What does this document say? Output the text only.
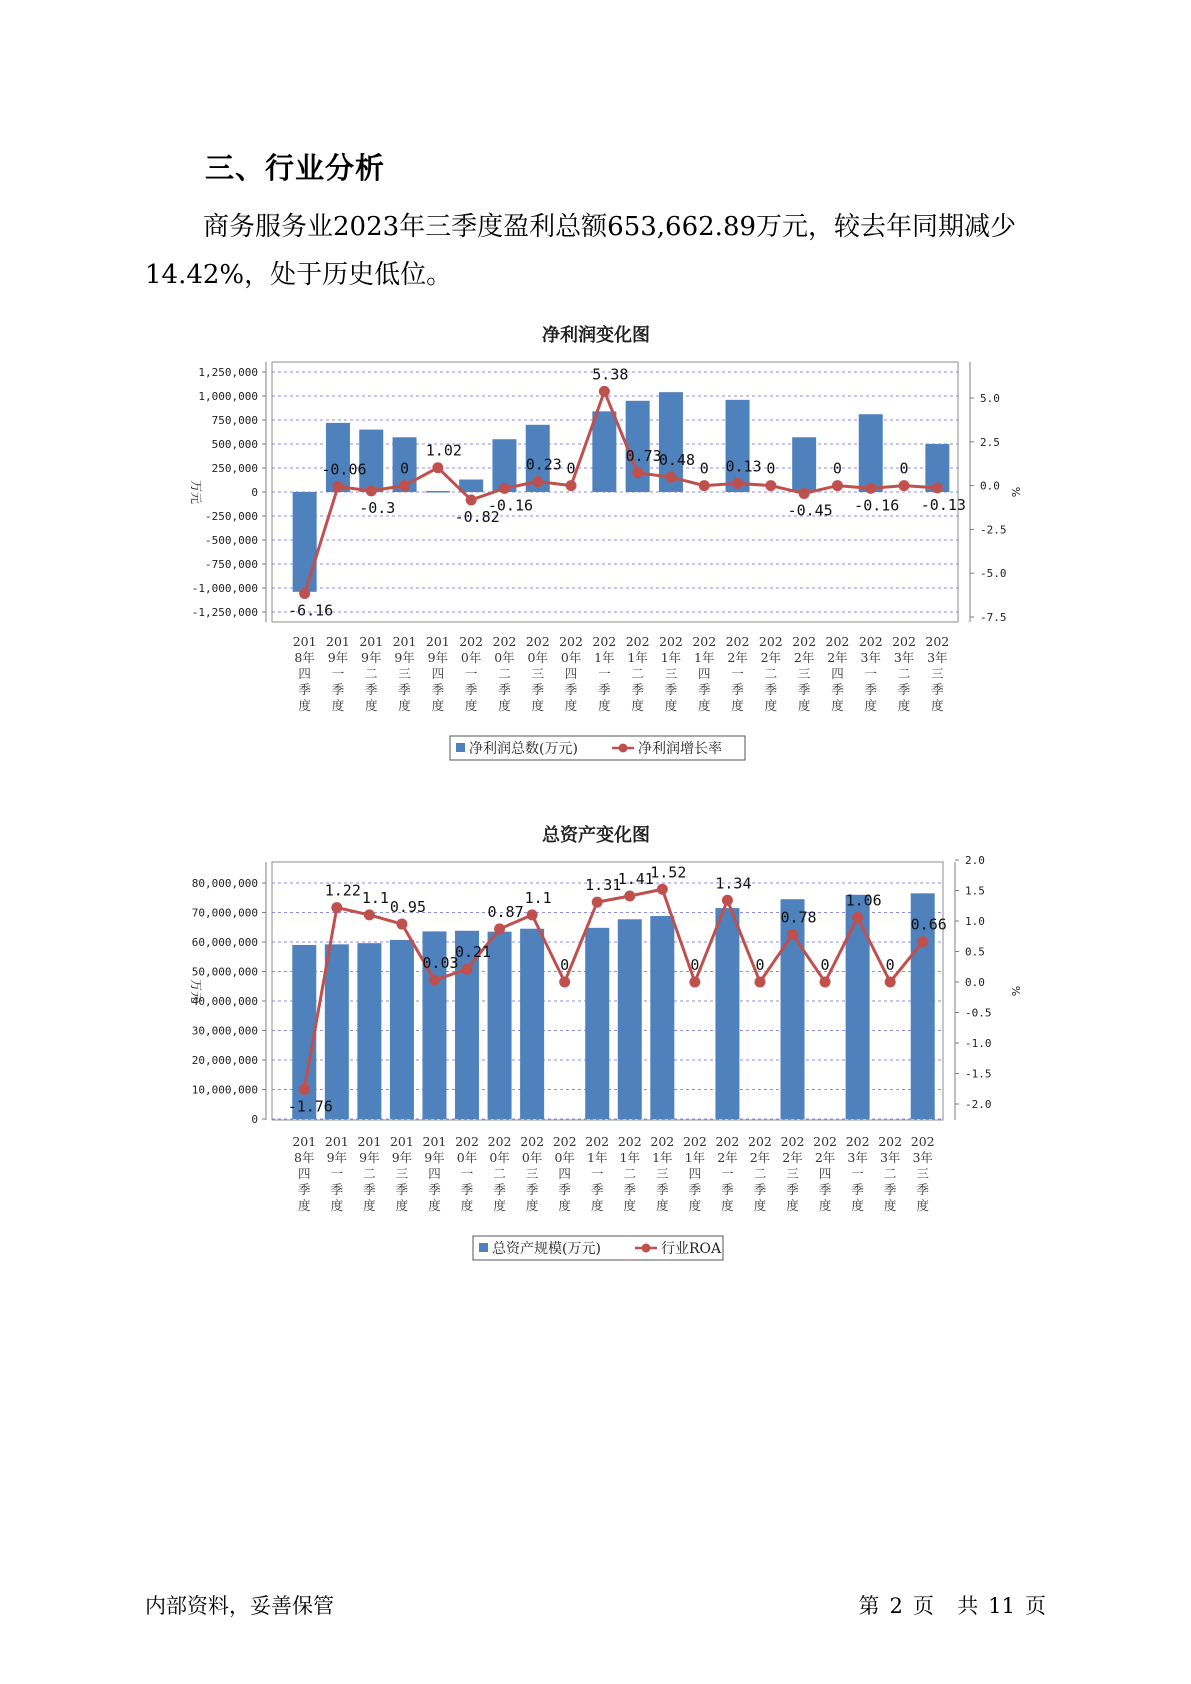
三、行业分析
商务服务业2023年三季度盈利总额653,662.89万元，较去年同期减少14.42%，处于历史低位。
净利润变化图
1,250,000
1,000,000
750,000
500,000
250,000
0
-250,000
-500,000
-750,000
-1,000,000
-1,250,000
万元
5.0
2.5
0.0
-2.5
-5.0
-7.5
%
-6.16
-0.06
-0.3
0
1.02
-0.82
-0.16
0.23 0
5.38
0.73
0.48 0 0.13 0
-0.45
0
-0.16
0
-0.13
201
8年
四
季
度
201
9年
一
季
度
201
9年
二
季
度
201
9年
三
季
度
201
9年
四
季
度
202
0年
一
季
度
202
0年
二
季
度
202
0年
三
季
度
202
0年
四
季
度
202
1年
一
季
度
202
1年
二
季
度
202
1年
三
季
度
202
1年
四
季
度
202
2年
一
季
度
202
2年
二
季
度
202
2年
三
季
度
202
2年
四
季
度
202
3年
一
季
度
202
3年
二
季
度
202
3年
三
季
度
净利润总数(万元)	净利润增长率
总资产变化图
80,000,000
70,000,000
60,000,000
50,000,000
40,000,000
30,000,000
20,000,000
10,000,000
0
万元
2.0
1.5
1.0
0.5
0.0
-0.5
-1.0
-1.5
-2.0
%
-1.76
1.22 1.1
0.95
0.03
0.21
0.87
1.1
0
1.31
1.41
1.52
0
1.34
0
0.78
0
1.06
0
0.66
201
8年
四
季
度
201
9年
一
季
度
201
9年
二
季
度
201
9年
三
季
度
201
9年
四
季
度
202
0年
一
季
度
202
0年
二
季
度
202
0年
三
季
度
202
0年
四
季
度
202
1年
一
季
度
202
1年
二
季
度
202
1年
三
季
度
202
1年
四
季
度
202
2年
一
季
度
202
2年
二
季
度
202
2年
三
季
度
202
2年
四
季
度
202
3年
一
季
度
202
3年
二
季
度
202
3年
三
季
度
总资产规模(万元)	行业ROA
内部资料，妥善保管	第 2 页 共 11 页
